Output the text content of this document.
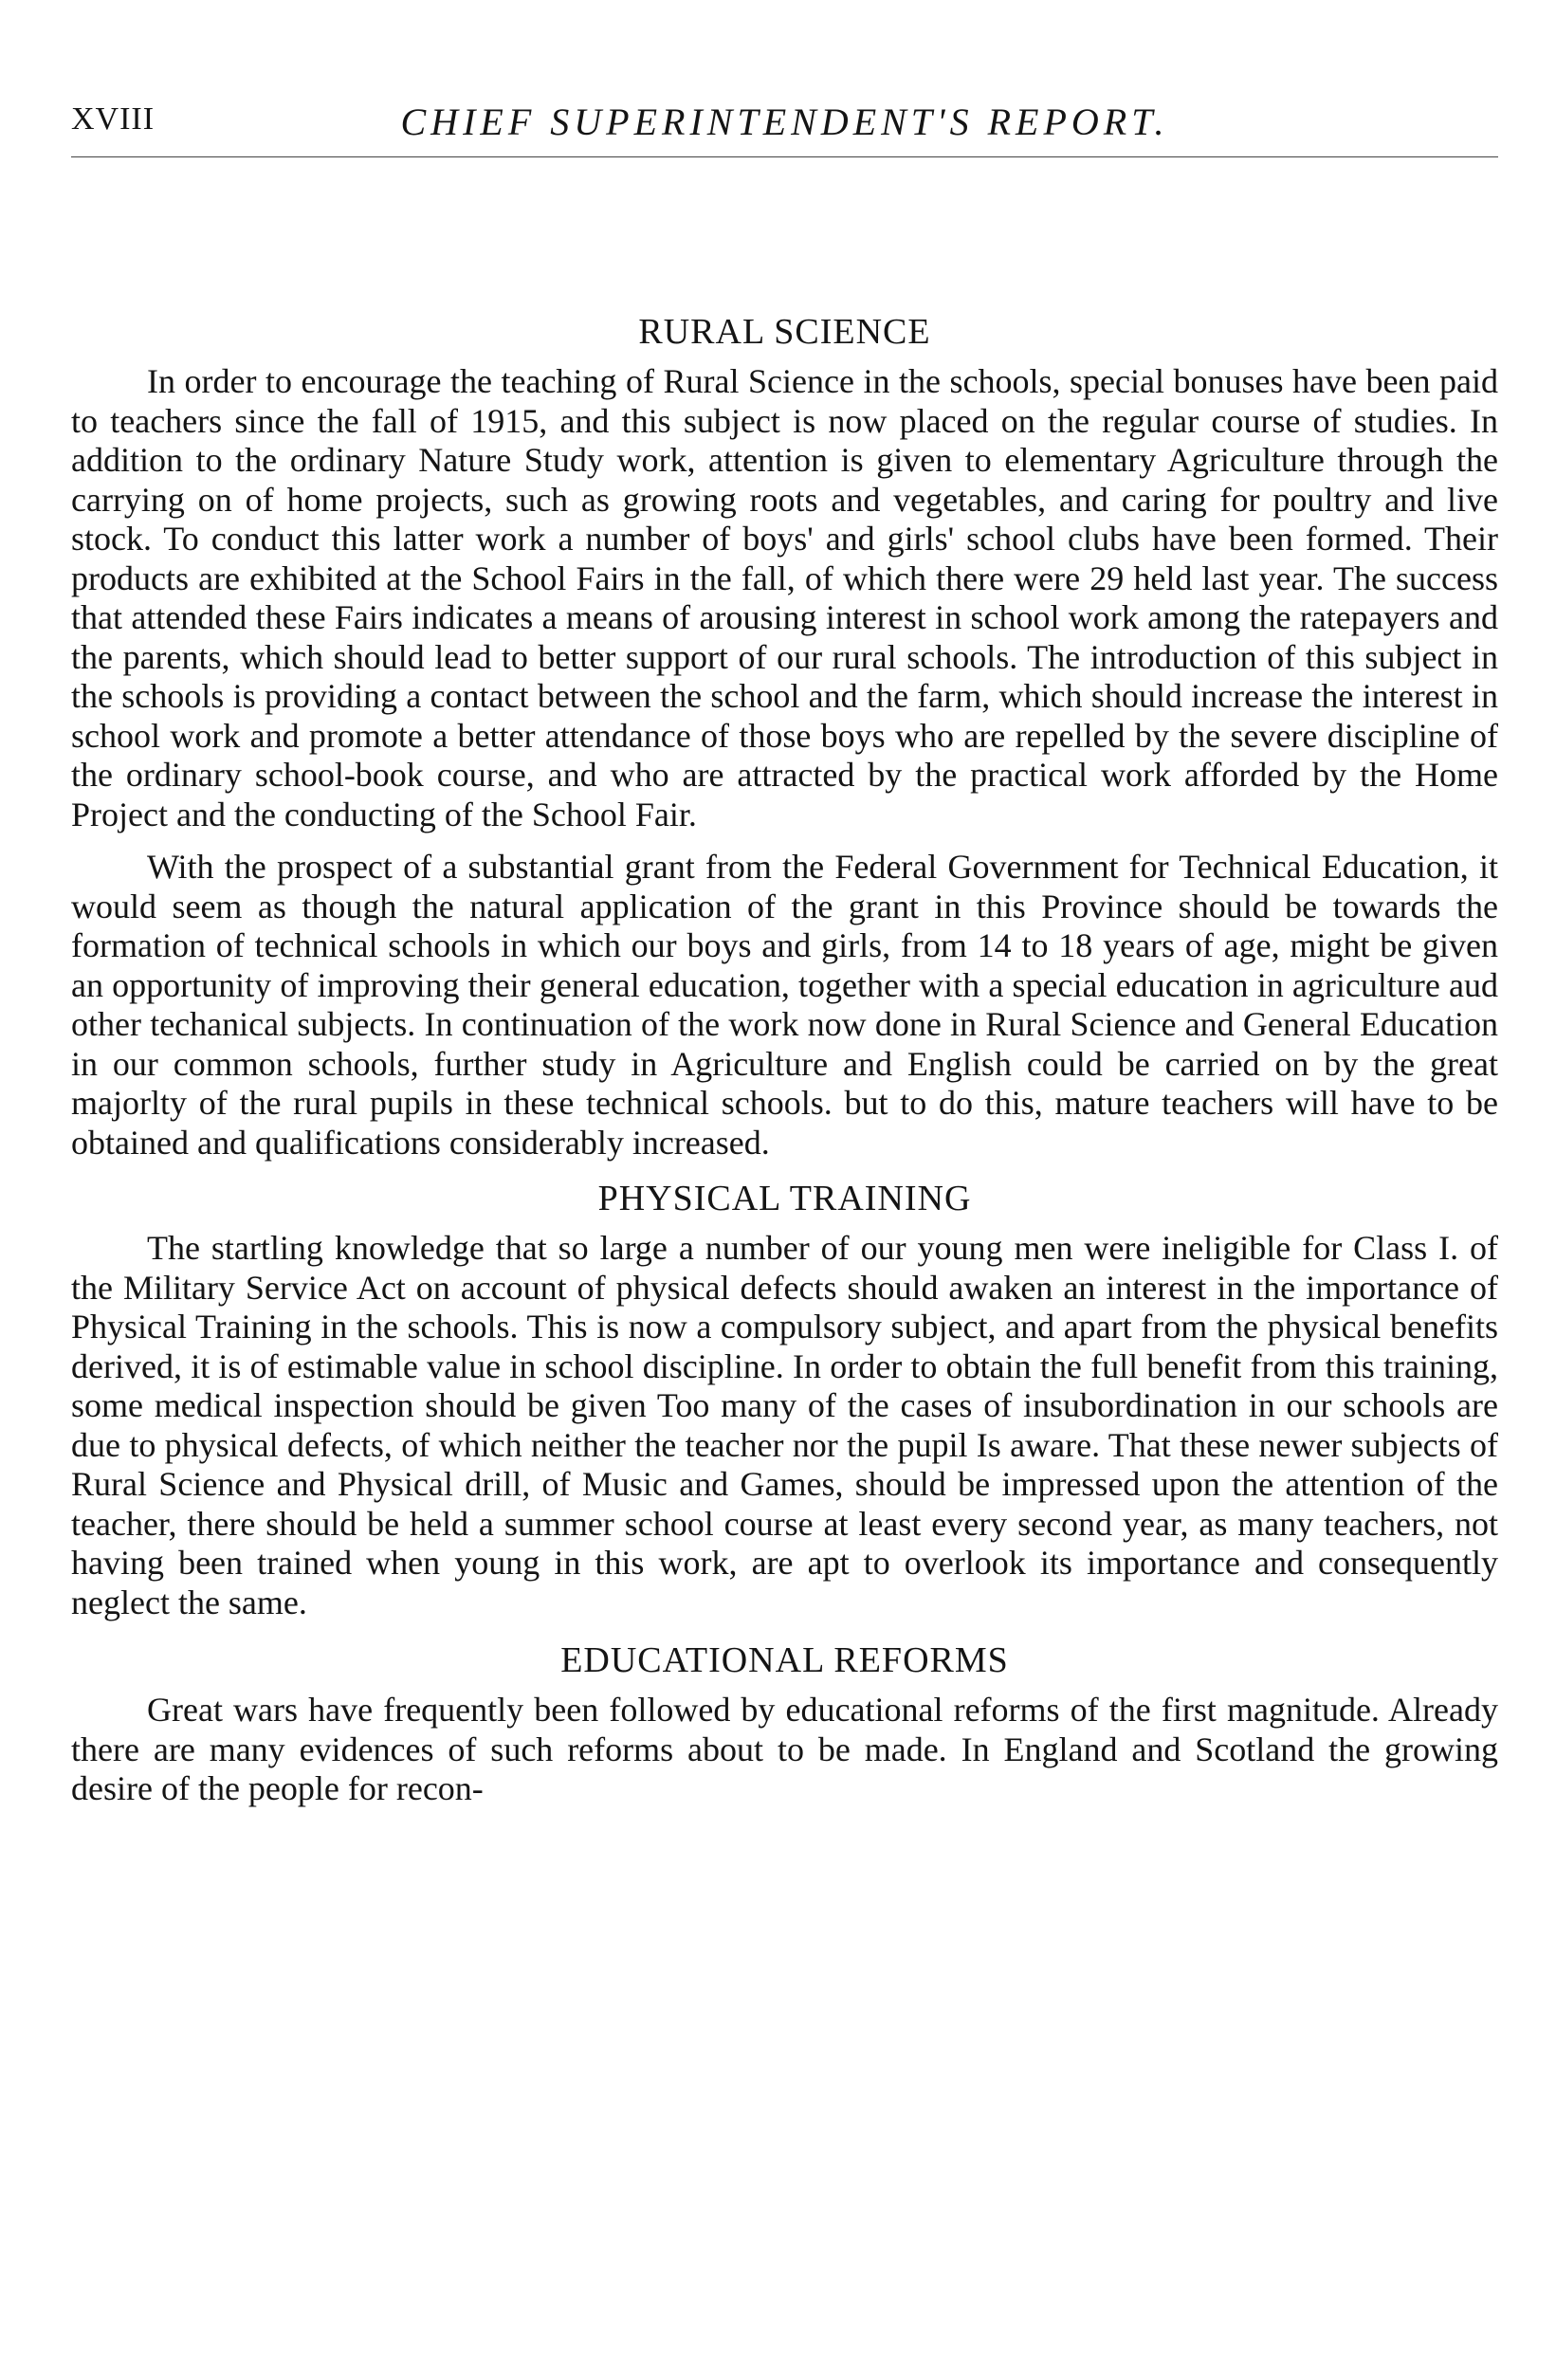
XVIII	CHIEF SUPERINTENDENT'S REPORT.
RURAL SCIENCE

In order to encourage the teaching of Rural Science in the schools, special bonuses have been paid to teachers since the fall of 1915, and this subject is now placed on the regular course of studies. In addition to the ordinary Nature Study work, attention is given to elementary Agriculture through the carrying on of home projects, such as growing roots and vegetables, and caring for poultry and live stock. To conduct this latter work a number of boys' and girls' school clubs have been formed. Their products are exhibited at the School Fairs in the fall, of which there were 29 held last year. The success that attended these Fairs indicates a means of arousing interest in school work among the ratepayers and the parents, which should lead to better support of our rural schools. The introduction of this subject in the schools is providing a contact between the school and the farm, which should increase the interest in school work and promote a better attendance of those boys who are repelled by the severe discipline of the ordinary school-book course, and who are attracted by the practical work afforded by the Home Project and the conducting of the School Fair.

With the prospect of a substantial grant from the Federal Government for Technical Education, it would seem as though the natural application of the grant in this Province should be towards the formation of technical schools in which our boys and girls, from 14 to 18 years of age, might be given an opportunity of improving their general education, together with a special education in agriculture aud other techanical subjects. In continuation of the work now done in Rural Science and General Education in our common schools, further study in Agriculture and English could be carried on by the great majorlty of the rural pupils in these technical schools. but to do this, mature teachers will have to be obtained and qualifications considerably increased.

PHYSICAL TRAINING

The startling knowledge that so large a number of our young men were ineligible for Class I. of the Military Service Act on account of physical defects should awaken an interest in the importance of Physical Training in the schools. This is now a compulsory subject, and apart from the physical benefits derived, it is of estimable value in school discipline. In order to obtain the full benefit from this training, some medical inspection should be given Too many of the cases of insubordination in our schools are due to physical defects, of which neither the teacher nor the pupil Is aware. That these newer subjects of Rural Science and Physical drill, of Music and Games, should be impressed upon the attention of the teacher, there should be held a summer school course at least every second year, as many teachers, not having been trained when young in this work, are apt to overlook its importance and consequently neglect the same.

EDUCATIONAL REFORMS

Great wars have frequently been followed by educational reforms of the first magnitude. Already there are many evidences of such reforms about to be made. In England and Scotland the growing desire of the people for recon-
